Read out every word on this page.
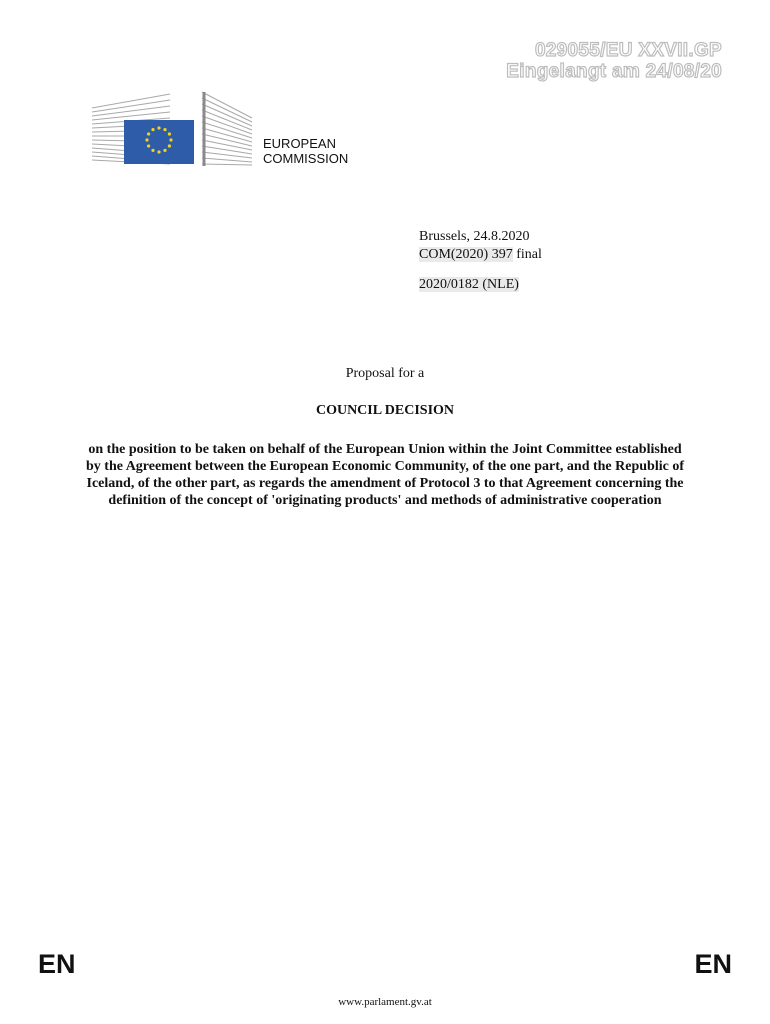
029055/EU XXVII.GP
Eingelangt am 24/08/20
EUROPEAN
COMMISSION
Brussels, 24.8.2020
COM(2020) 397 final
2020/0182 (NLE)
Proposal for a
COUNCIL DECISION
on the position to be taken on behalf of the European Union within the Joint Committee established by the Agreement between the European Economic Community, of the one part, and the Republic of Iceland, of the other part, as regards the amendment of Protocol 3 to that Agreement concerning the definition of the concept of 'originating products' and methods of administrative cooperation
EN	EN
www.parlament.gv.at
